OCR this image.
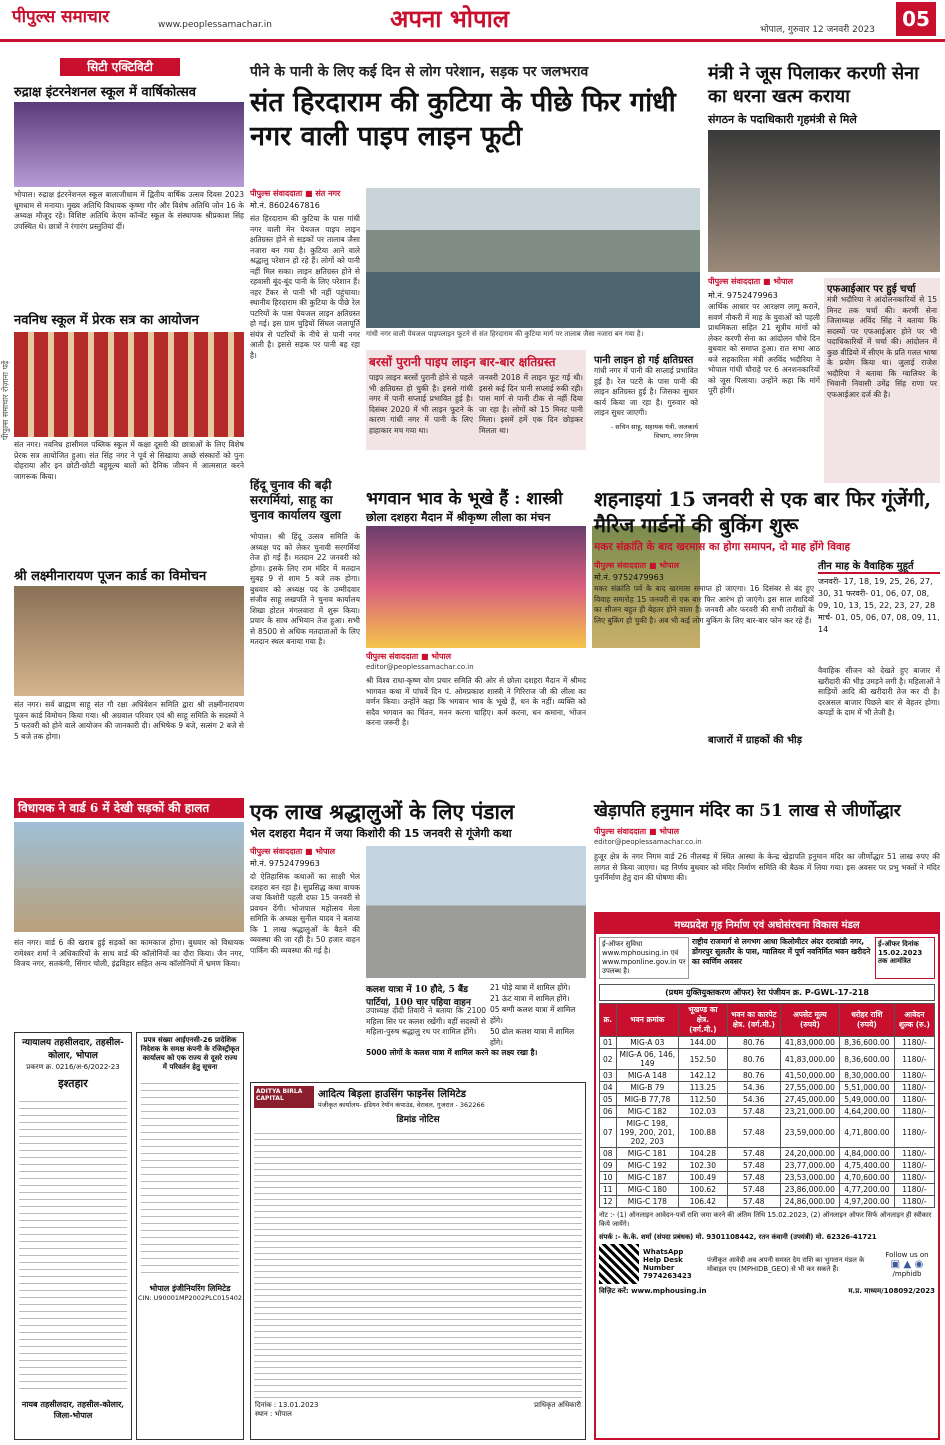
पीपुल्स समाचार	www.peoplessamachar.in	अपना भोपाल	भोपाल, गुरुवार 12 जनवरी 2023	05
पीपुल्स समाचार रोज़ाना पढ़ें
सिटी एक्टिविटी
रुद्राक्ष इंटरनेशनल स्कूल में वार्षिकोत्सव
भोपाल। रुद्राक्ष इंटरनेशनल स्कूल बालाजीधाम में द्वितीय वार्षिक उत्सव दिवस 2023 धूमधाम से मनाया। मुख्य अतिथि विधायक कृष्णा गौर और विशेष अतिथि जोन 16 के अध्यक्ष मौजूद रहे। विशिष्ट अतिथि केएम कॉन्वेंट स्कूल के संस्थापक श्रीप्रकाश सिंह उपस्थित थे। छात्रों ने रंगारंग प्रस्तुतियां दीं।
नवनिध स्कूल में प्रेरक सत्र का आयोजन
संत नगर। नवनिध हासीमल पब्लिक स्कूल में कक्षा दूसरी की छात्राओं के लिए विशेष प्रेरक सत्र आयोजित हुआ। संत सिंह नगर ने पूर्व से सिखाया अच्छे संस्कारों को पुनः दोहराया और इन छोटी-छोटी बहुमूल्य बातों को दैनिक जीवन में आत्मसात करने जागरूक किया।
श्री लक्ष्मीनारायण पूजन कार्ड का विमोचन
संत नगर। सर्व ब्राह्मण साहू संत गौ रक्षा अधिवेशन समिति द्वारा श्री लक्ष्मीनारायण पूजन कार्ड विमोचन किया गया। श्री अग्रवाल परिवार एवं श्री साहू समिति के सदस्यों ने 5 फरवरी को होने वाले आयोजन की जानकारी दी। अभिषेक 9 बजे, सत्संग 2 बजे से 5 बजे तक होगा।
विधायक ने वार्ड 6 में देखी सड़कों की हालत
संत नगर। वार्ड 6 की खराब हुई सड़कों का कामकाज होगा। बुधवार को विधायक रामेश्वर शर्मा ने अधिकारियों के साथ वार्ड की कॉलोनियों का दौरा किया। जैन नगर, विजय नगर, सतकंगी, सिंगार चोली, इंद्रविहार सहित अन्य कॉलोनियों में भ्रमण किया।
न्यायालय तहसीलदार, तहसील-कोलार, भोपाल
प्रकरण क्र. 0216/अ-6/2022-23
इश्तहार
नायब तहसीलदार, तहसील-कोलार, जिला-भोपाल
प्रपत्र संख्या आईएनसी-26 प्रादेशिक निदेशक के समक्ष कंपनी के रजिस्ट्रीकृत कार्यालय को एक राज्य से दूसरे राज्य में परिवर्तन हेतु सूचना
भोपाल इंजीनियरिंग लिमिटेड
CIN: U90001MP2002PLC015402
पीने के पानी के लिए कई दिन से लोग परेशान, सड़क पर जलभराव
संत हिरदाराम की कुटिया के पीछे फिर गांधी नगर वाली पाइप लाइन फूटी
पीपुल्स संवाददाता ■ संत नगर
मो.नं. 8602467816
संत हिरदाराम की कुटिया के पास गांधी नगर वाली मेन पेयजल पाइप लाइन क्षतिग्रस्त होने से सड़कों पर तालाब जैसा नजारा बन गया है। कुटिया आने वाले श्रद्धालु परेशान हो रहे हैं। लोगों को पानी नहीं मिल सका। लाइन क्षतिग्रस्त होने से रहवासी बूंद-बूंद पानी के लिए परेशान हैं। नहर टैंकर से पानी भी नहीं पहुंचाया। स्थानीय हिरदाराम की कुटिया के पीछे रेल पटरियों के पास पेयजल लाइन क्षतिग्रस्त हो गई। इस ग्राम चुड़ियों सिंघल जलापूर्ति संयंत्र से पटरियों के नीचे से पानी नगर आती है। इससे सड़क पर पानी बह रहा है।
गांधी नगर वाली पेयजल पाइपलाइन फूटने से संत हिरदाराम की कुटिया मार्ग पर तालाब जैसा नजारा बन गया है।
बरसों पुरानी पाइप लाइन बार-बार क्षतिग्रस्त
पाइप लाइन बरसों पुरानी होने से पहले भी क्षतिग्रस्त हो चुकी है। इससे गांधी नगर में पानी सप्लाई प्रभावित हुई है। दिसंबर 2020 में भी लाइन फूटने के कारण गांधी नगर में पानी के लिए हाहाकार मच गया था।
जनवरी 2018 में लाइन फूट गई थी। इससे कई दिन पानी सप्लाई रुकी रही। पास मार्ग से पानी टीक से नहीं दिया जा रहा है। लोगों को 15 मिनट पानी मिला। इसमें हमें एक दिन छोड़कर मिलता था।
पानी लाइन हो गई क्षतिग्रस्त
गांधी नगर में पानी की सप्लाई प्रभावित हुई है। रेल पटरी के पास पानी की लाइन क्षतिग्रस्त हुई है। जिसका सुधार कार्य किया जा रहा है। गुरुवार को लाइन सुधर जाएगी।
- सचिन साहू, सहायक यंत्री, जलकार्य विभाग, नगर निगम
हिंदू चुनाव की बढ़ी सरगर्मियां, साहू का चुनाव कार्यालय खुला
भोपाल। श्री हिंदू उत्सव समिति के अध्यक्ष पद को लेकर चुनावी सरगर्मियां तेज हो गई हैं। मतदान 22 जनवरी को होगा। इसके लिए राम मंदिर में मतदान सुबह 9 से शाम 5 बजे तक होगा। बुधवार को अध्यक्ष पद के उम्मीदवार संजीव साहू लखपति ने चुनाव कार्यालय शिखा होटल मंगलवारा में शुरू किया। प्रचार के साथ अभियान तेज हुआ। सभी से 8500 से अधिक मतदाताओं के लिए मतदान स्थल बनाया गया है।
भगवान भाव के भूखे हैं : शास्त्री
छोला दशहरा मैदान में श्रीकृष्ण लीला का मंचन
पीपुल्स संवाददाता ■ भोपाल
editor@peoplessamachar.co.in
श्री विश्व राधा-कृष्ण योग प्रचार समिति की ओर से छोला दशहरा मैदान में श्रीमद भागवत कथा में पांचवें दिन पं. ओमप्रकाश शास्त्री ने गिरिराज जी की लीला का वर्णन किया। उन्होंने कहा कि भगवान भाव के भूखे हैं, धन के नहीं। व्यक्ति को सदैव भगवान का चिंतन, मनन करना चाहिए। कर्म करना, धन कमाना, भोजन करना जरूरी है।
मंत्री ने जूस पिलाकर करणी सेना का धरना खत्म कराया
संगठन के पदाधिकारी गृहमंत्री से मिले
पीपुल्स संवाददाता ■ भोपाल
मो.नं. 9752479963
आर्थिक आधार पर आरक्षण लागू कराने, सवर्ण नौकरी में माह के युवाओं को पहली प्राथमिकता सहित 21 सूत्रीय मांगों को लेकर करणी सेना का आंदोलन चौथे दिन बुधवार को समाप्त हुआ। रात सभा आठ बजे सहकारिता मंत्री अरविंद भदौरिया ने भोपाल गांधी चौराहे पर 6 अनशनकारियों को जूस पिलाया। उन्होंने कहा कि मांगें पूरी होंगी।
एफआईआर पर हुई चर्चा
मंत्री भदौरिया ने आंदोलनकारियों से 15 मिनट तक चर्चा की। करणी सेना जिलाध्यक्ष अविंद सिंह ने बताया कि सदस्यों पर एफआईआर होने पर भी पदाधिकारियों में चर्चा की। आंदोलन में कुछ वीडियो में सीएम के प्रति गलत भाषा के प्रयोग किया था। जुलाई राजेश भदौरिया ने बताया कि ग्वालियर के भिवानी निवासी उमेंद्र सिंह राणा पर एफआईआर दर्ज की है।
शहनाइयां 15 जनवरी से एक बार फिर गूंजेंगी, मैरिज गार्डनों की बुकिंग शुरू
मकर संक्रांति के बाद खरमास का होगा समापन, दो माह होंगे विवाह
पीपुल्स संवाददाता ■ भोपाल
मो.नं. 9752479963
मकर संक्रांति पर्व के बाद खरमास समाप्त हो जाएगा। 16 दिसंबर से बंद हुए विवाह समारोह 15 जनवरी से एक बार फिर आरंभ हो जाएंगे। इस साल शादियों का सीजन बहुत ही बेहतर होने वाला है। जनवरी और फरवरी की सभी तारीखों के लिए बुकिंग हो चुकी है। अब भी कई लोग बुकिंग के लिए बार-बार फोन कर रहे हैं।
तीन माह के वैवाहिक मुहूर्त
जनवरी- 17, 18, 19, 25, 26, 27, 30, 31 फरवरी- 01, 06, 07, 08, 09, 10, 13, 15, 22, 23, 27, 28 मार्च- 01, 05, 06, 07, 08, 09, 11, 14
बाजारों में ग्राहकों की भीड़
वैवाहिक सीजन को देखते हुए बाजार में खरीदारी की भीड़ उमड़ने लगी है। महिलाओं ने साड़ियों आदि की खरीदारी तेज कर दी है। दरअसल बाजार पिछले बार से बेहतर होगा। कपड़ों के दाम में भी तेजी है।
एक लाख श्रद्धालुओं के लिए पंडाल
भेल दशहरा मैदान में जया किशोरी की 15 जनवरी से गूंजेगी कथा
पीपुल्स संवाददाता ■ भोपाल
मो.नं. 9752479963
दो ऐतिहासिक कथाओं का साक्षी भेल दशहरा बन रहा है। सुप्रसिद्ध कथा वाचक जया किशोरी पहली दफा 15 जनवरी से प्रवचन देंगी। भोजपाल महोत्सव मेला समिति के अध्यक्ष सुनील यादव ने बताया कि 1 लाख श्रद्धालुओं के बैठने की व्यवस्था की जा रही है। 50 हजार वाहन पार्किंग की व्यवस्था की गई है।
कलश यात्रा में 10 हौदे, 5 बैंड पार्टियां, 100 चार पहिया वाहन
उपाध्यक्ष दीदी तिवारी ने बताया कि 2100 महिला सिर पर कलश रखेंगी। वहीं सदस्यों से महिला-पुरुष श्रद्धालु रथ पर शामिल होंगे।
21 घोड़े यात्रा में शामिल होंगे।
21 ऊंट यात्रा में शामिल होंगे।
05 बग्गी कलश यात्रा में शामिल होंगे।
50 ढोल कलश यात्रा में शामिल होंगे।
5000 लोगों के कलश यात्रा में शामिल करने का लक्ष्य रखा है।
खेड़ापति हनुमान मंदिर का 51 लाख से जीर्णोद्धार
पीपुल्स संवाददाता ■ भोपाल
editor@peoplessamachar.co.in
हुजूर क्षेत्र के नगर निगम वार्ड 26 नीलबड़ में स्थित आस्था के केन्द्र खेड़ापति हनुमान मंदिर का जीर्णोद्धार 51 लाख रुपए की लागत से किया जाएगा। यह निर्णय बुधवार को मंदिर निर्माण समिति की बैठक में लिया गया। इस अवसर पर प्रभु भक्तों ने मंदिर पुनर्निर्माण हेतु दान की घोषणा की।
ADITYA BIRLA CAPITAL	आदित्य बिड़ला हाउसिंग फाइनेंस लिमिटेड
पंजीकृत कार्यालय- इंडियन रेयॉन कंपाउंड, वेरावल, गुजरात - 362266
डिमांड नोटिस
दिनांक : 13.01.2023	प्राधिकृत अधिकारी
स्थान : भोपाल
मध्यप्रदेश गृह निर्माण एवं अधोसंरचना विकास मंडल
ई-ऑफर सुविधा www.mphousing.in एवं www.mponline.gov.in पर उपलब्ध है।
राष्ट्रीय राजमार्ग से लगभग आधा किलोमीटर अंदर दराबांडी नगर, डोंगरपुर सुलतौर के पास, ग्वालियर में पूर्ण नवनिर्मित भवन खरीदने का स्वर्णिम अवसर
ई-ऑफर दिनांक 15.02.2023 तक आमंत्रित
(प्रथम युक्तियुक्तकरण ऑफर) रेरा पंजीयन क्र. P-GWL-17-218
क्र.	भवन क्रमांक	भूखण्ड का क्षेत्र. (वर्ग.मी.)	भवन का कारपेट क्षेत्र. (वर्ग.मी.)	अपसेट मूल्य (रुपये)	धरोहर राशि (रुपये)	आवेदन शुल्क (रु.)
01	MIG-A 03	144.00	80.76	41,83,000.00	8,36,600.00	1180/-
02	MIG-A 06, 146, 149	152.50	80.76	41,83,000.00	8,36,600.00	1180/-
03	MIG-A 148	142.12	80.76	41,50,000.00	8,30,000.00	1180/-
04	MIG-B 79	113.25	54.36	27,55,000.00	5,51,000.00	1180/-
05	MIG-B 77,78	112.50	54.36	27,45,000.00	5,49,000.00	1180/-
06	MIG-C 182	102.03	57.48	23,21,000.00	4,64,200.00	1180/-
07	MIG-C 198, 199, 200, 201, 202, 203	100.88	57.48	23,59,000.00	4,71,800.00	1180/-
08	MIG-C 181	104.28	57.48	24,20,000.00	4,84,000.00	1180/-
09	MIG-C 192	102.30	57.48	23,77,000.00	4,75,400.00	1180/-
10	MIG-C 187	100.49	57.48	23,53,000.00	4,70,600.00	1180/-
11	MIG-C 180	100.62	57.48	23,86,000.00	4,77,200.00	1180/-
12	MIG-C 178	106.42	57.48	24,86,000.00	4,97,200.00	1180/-
नोट :- (1) ऑनलाइन आवेदन-पत्रों राशि जमा करने की अंतिम तिथि 15.02.2023, (2) ऑनलाइन ऑफर सिर्फ ऑनलाइन ही स्वीकार किये जायेंगे।
संपर्क :- के.के. शर्मा (संपदा प्रबंधक) मो. 9301108442, रतन कंवानी (उपयंत्री) मो. 62326-41721
WhatsApp Help Desk Number 7974263423
पंजीकृत आवेदी अब अपनी समस्त देय राशि का भुगतान मंडल के मोबाइल एप (MPHIDB_GEO) से भी कर सकते हैं।
Follow us on
▣ ▲ ◉
/mphidb
विज़िट करें: www.mphousing.in	म.प्र. माध्यम/108092/2023
